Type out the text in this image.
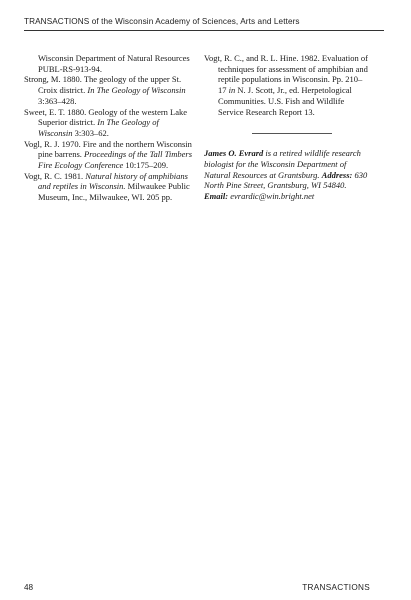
TRANSACTIONS of the Wisconsin Academy of Sciences, Arts and Letters

Wisconsin Department of Natural Resources PUBL-RS-913-94.

Strong, M. 1880. The geology of the upper St. Croix district. In The Geology of Wisconsin 3:363–428.

Sweet, E. T. 1880. Geology of the western Lake Superior district. In The Geology of Wisconsin 3:303–62.

Vogl, R. J. 1970. Fire and the northern Wisconsin pine barrens. Proceedings of the Tall Timbers Fire Ecology Conference 10:175–209.

Vogt, R. C. 1981. Natural history of amphibians and reptiles in Wisconsin. Milwaukee Public Museum, Inc., Milwaukee, WI. 205 pp.

Vogt, R. C., and R. L. Hine. 1982. Evaluation of techniques for assessment of amphibian and reptile populations in Wisconsin. Pp. 210–17 in N. J. Scott, Jr., ed. Herpetological Communities. U.S. Fish and Wildlife Service Research Report 13.

James O. Evrard is a retired wildlife research biologist for the Wisconsin Department of Natural Resources at Grantsburg. Address: 630 North Pine Street, Grantsburg, WI 54840. Email: evrardic@win.bright.net

48	TRANSACTIONS
